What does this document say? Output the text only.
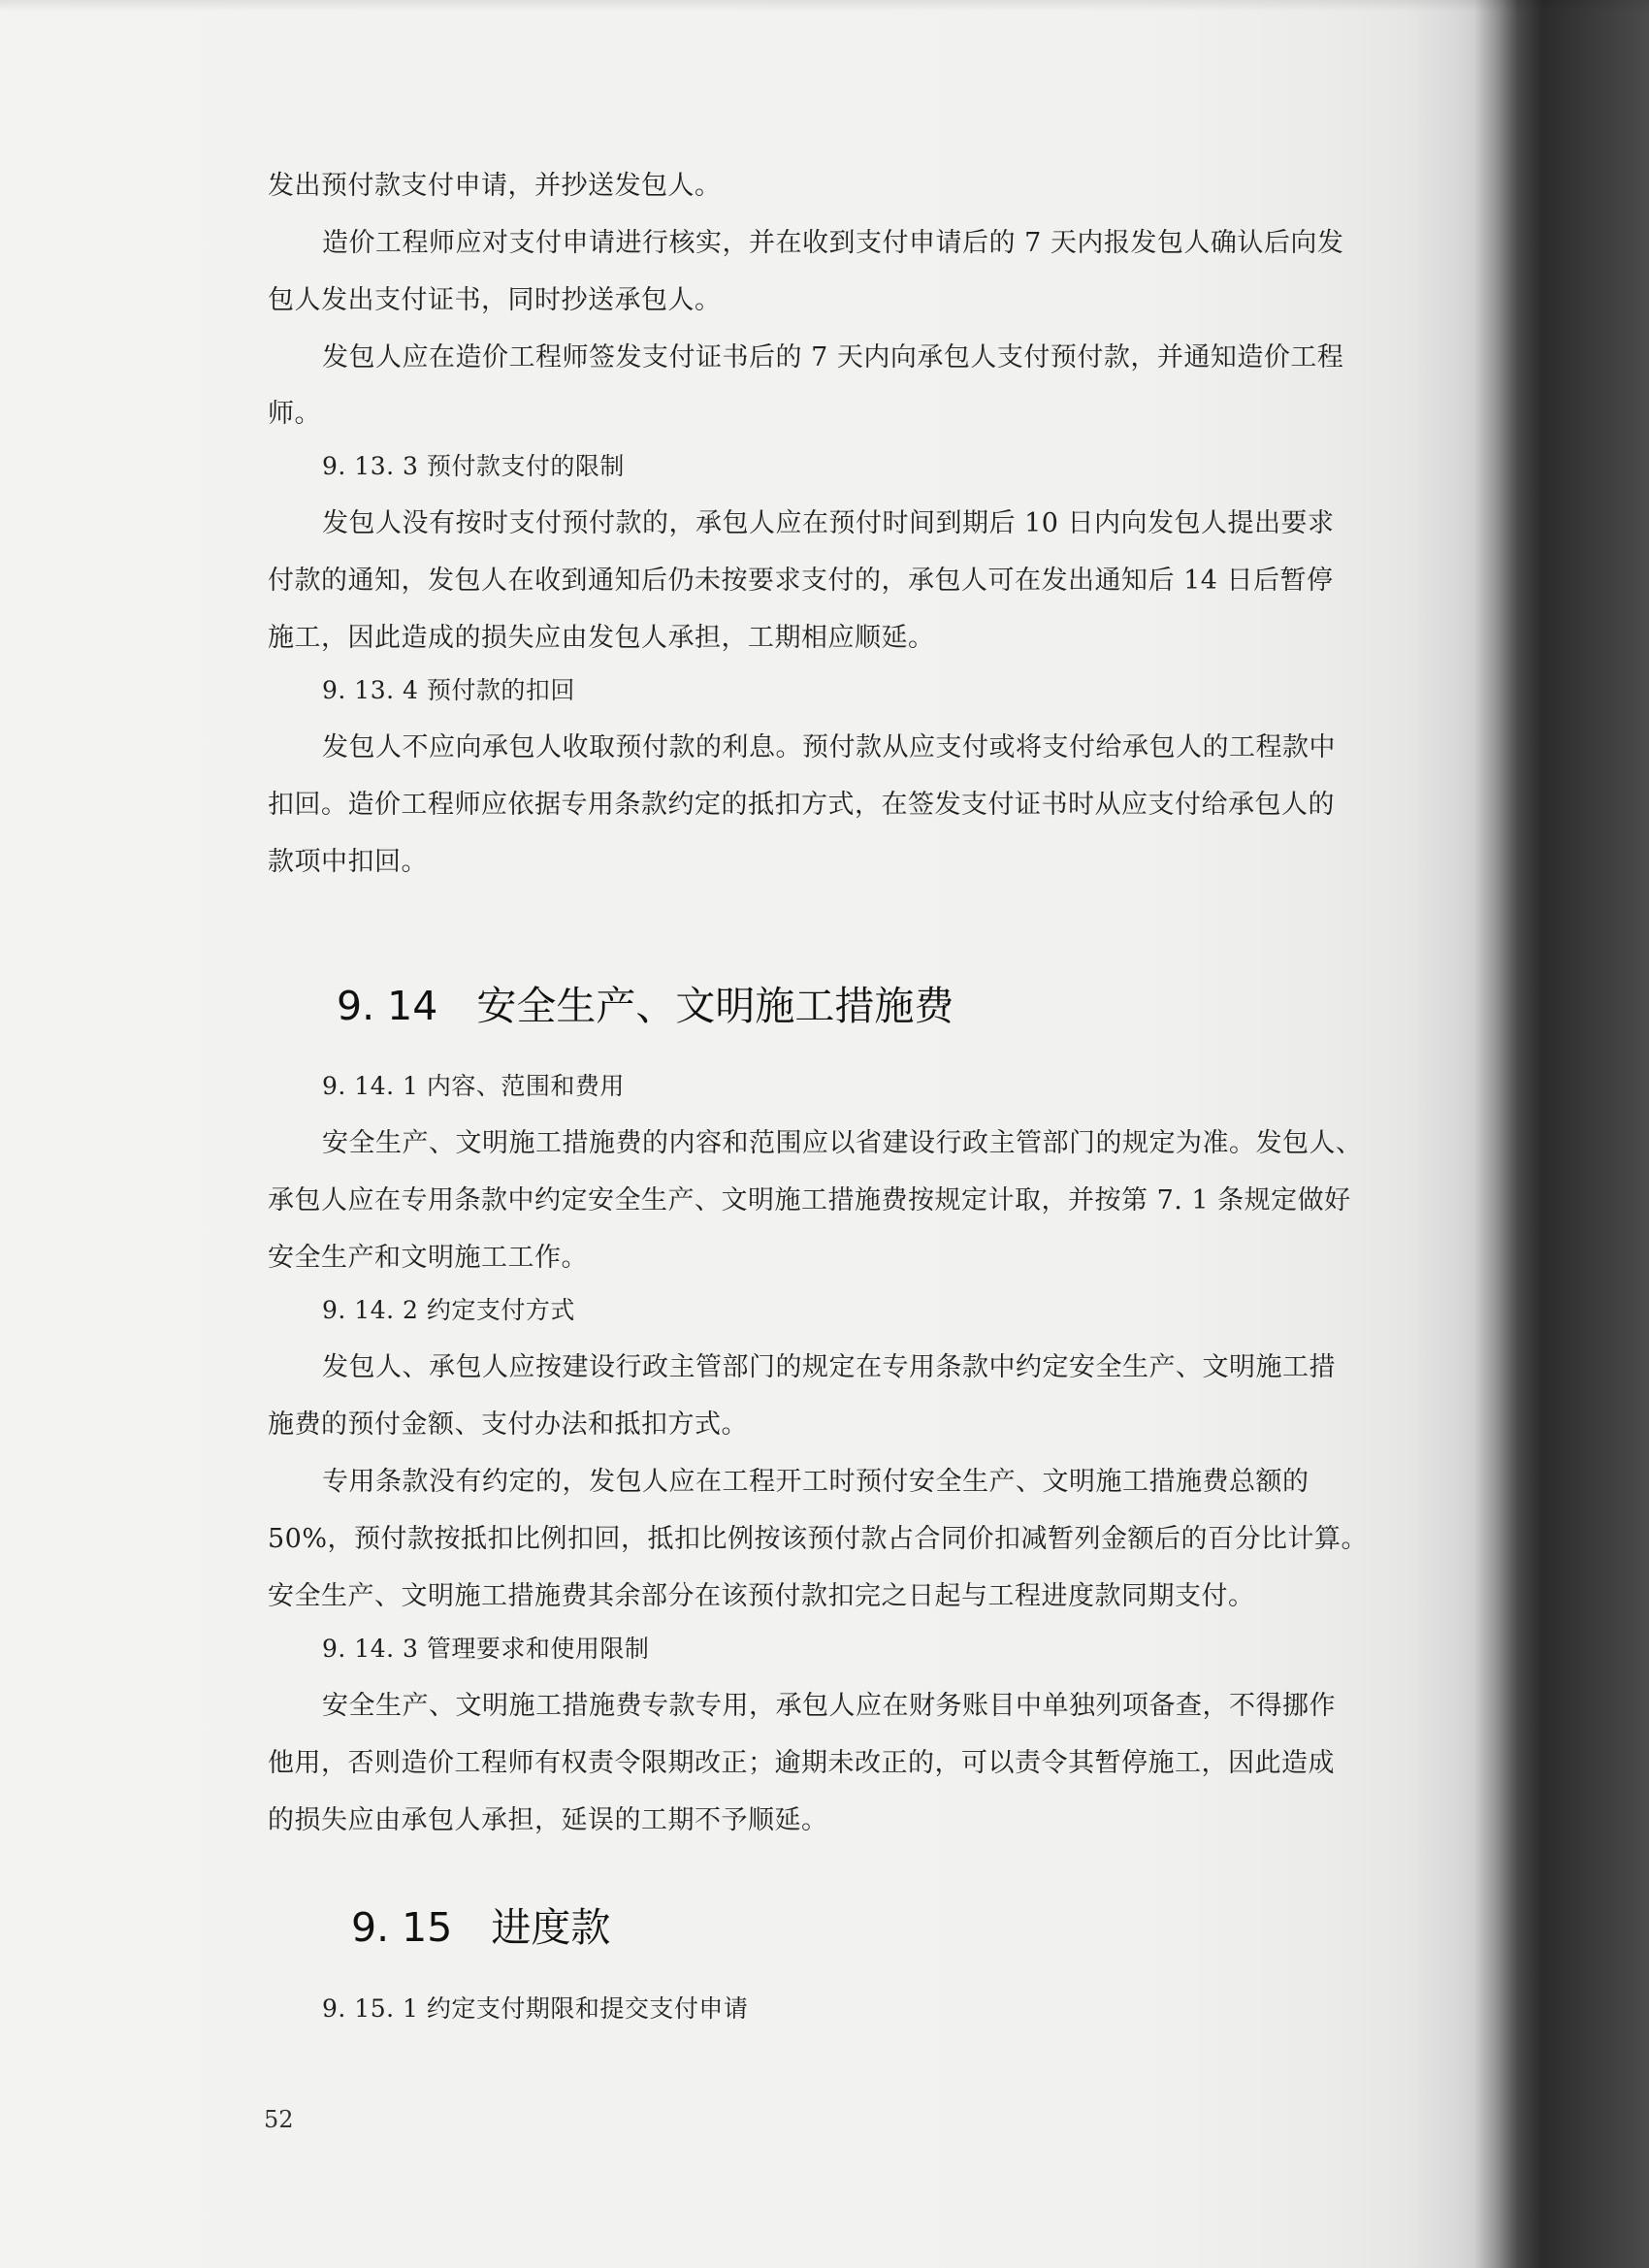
发出预付款支付申请，并抄送发包人。
造价工程师应对支付申请进行核实，并在收到支付申请后的 7 天内报发包人确认后向发
包人发出支付证书，同时抄送承包人。
发包人应在造价工程师签发支付证书后的 7 天内向承包人支付预付款，并通知造价工程
师。
9. 13. 3 预付款支付的限制
发包人没有按时支付预付款的，承包人应在预付时间到期后 10 日内向发包人提出要求
付款的通知，发包人在收到通知后仍未按要求支付的，承包人可在发出通知后 14 日后暂停
施工，因此造成的损失应由发包人承担，工期相应顺延。
9. 13. 4 预付款的扣回
发包人不应向承包人收取预付款的利息。预付款从应支付或将支付给承包人的工程款中
扣回。造价工程师应依据专用条款约定的抵扣方式，在签发支付证书时从应支付给承包人的
款项中扣回。
9. 14 安全生产、文明施工措施费
9. 14. 1 内容、范围和费用
安全生产、文明施工措施费的内容和范围应以省建设行政主管部门的规定为准。发包人、
承包人应在专用条款中约定安全生产、文明施工措施费按规定计取，并按第 7. 1 条规定做好
安全生产和文明施工工作。
9. 14. 2 约定支付方式
发包人、承包人应按建设行政主管部门的规定在专用条款中约定安全生产、文明施工措
施费的预付金额、支付办法和抵扣方式。
专用条款没有约定的，发包人应在工程开工时预付安全生产、文明施工措施费总额的
50%，预付款按抵扣比例扣回，抵扣比例按该预付款占合同价扣减暂列金额后的百分比计算。
安全生产、文明施工措施费其余部分在该预付款扣完之日起与工程进度款同期支付。
9. 14. 3 管理要求和使用限制
安全生产、文明施工措施费专款专用，承包人应在财务账目中单独列项备查，不得挪作
他用，否则造价工程师有权责令限期改正；逾期未改正的，可以责令其暂停施工，因此造成
的损失应由承包人承担，延误的工期不予顺延。
9. 15 进度款
9. 15. 1 约定支付期限和提交支付申请
52
